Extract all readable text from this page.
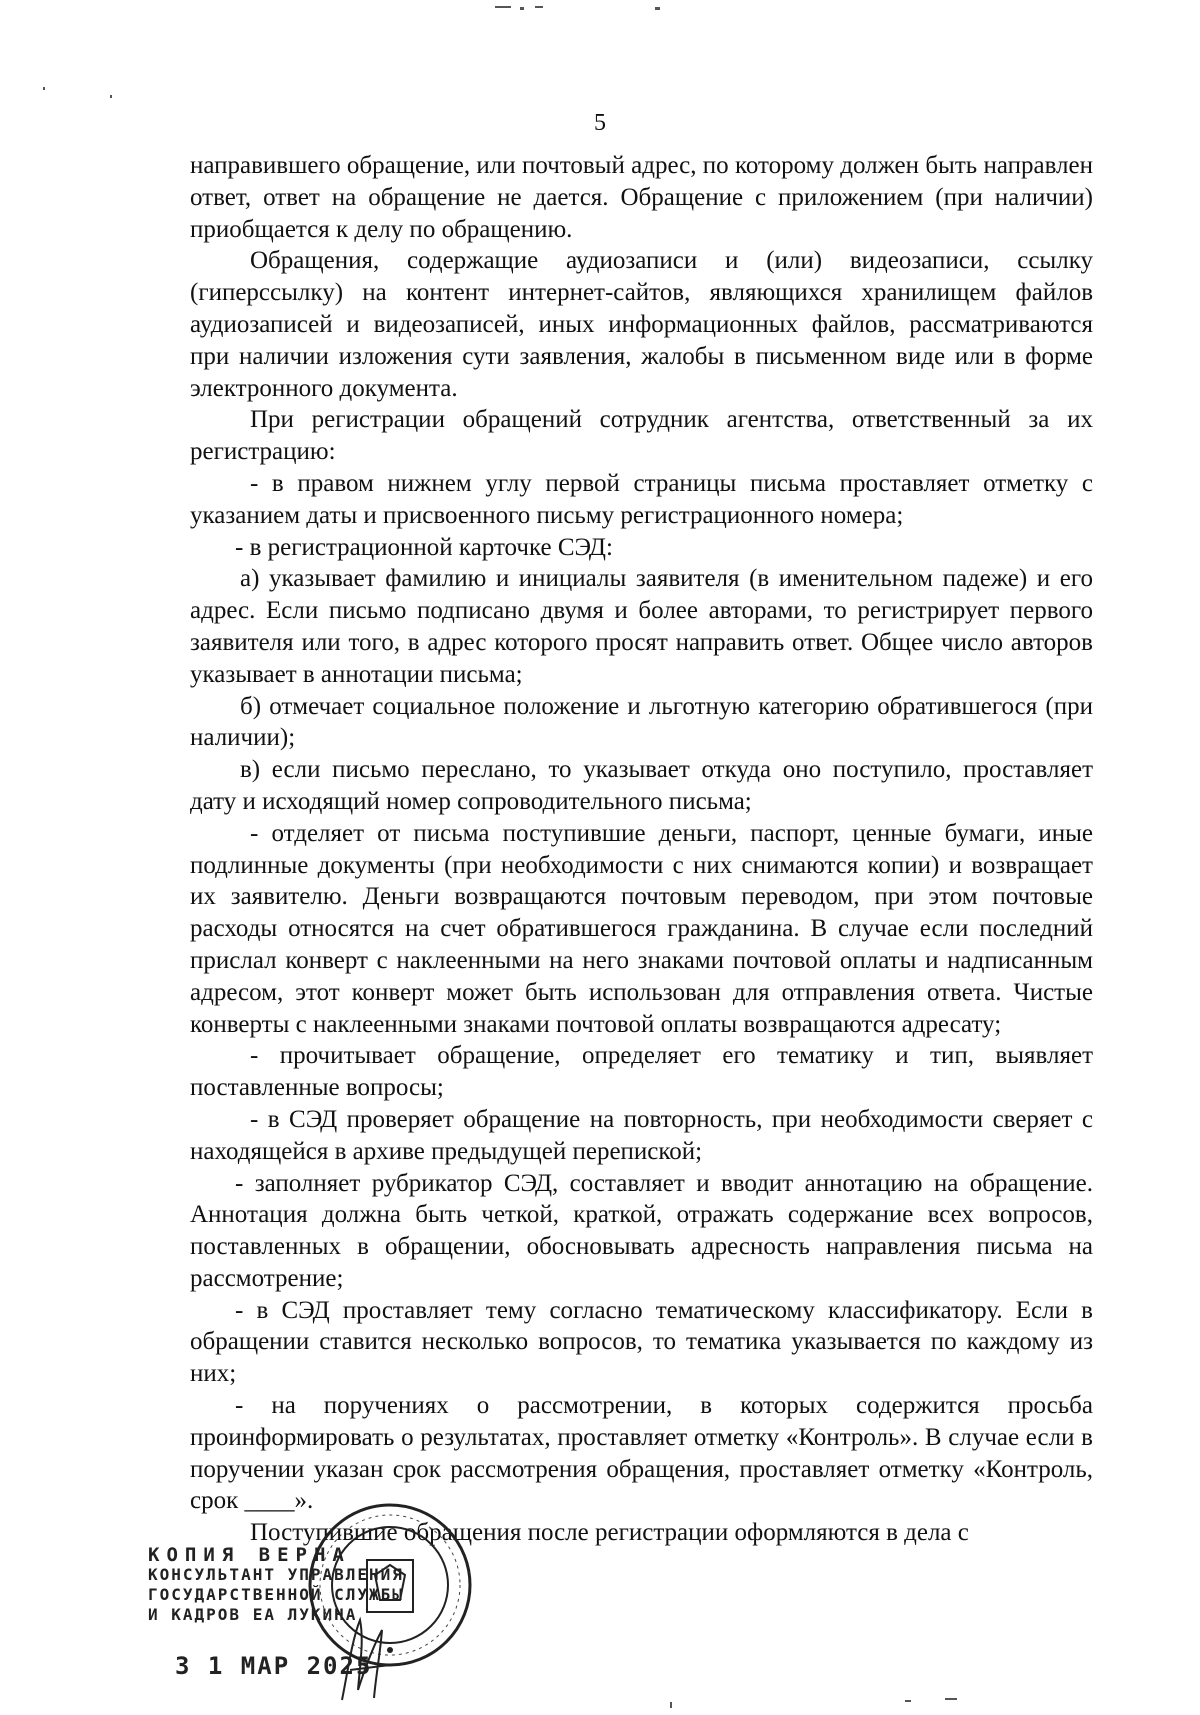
5

направившего обращение, или почтовый адрес, по которому должен быть направлен ответ, ответ на обращение не дается. Обращение с приложением (при наличии) приобщается к делу по обращению.

Обращения, содержащие аудиозаписи и (или) видеозаписи, ссылку (гиперссылку) на контент интернет-сайтов, являющихся хранилищем файлов аудиозаписей и видеозаписей, иных информационных файлов, рассматриваются при наличии изложения сути заявления, жалобы в письменном виде или в форме электронного документа.

При регистрации обращений сотрудник агентства, ответственный за их регистрацию:

- в правом нижнем углу первой страницы письма проставляет отметку с указанием даты и присвоенного письму регистрационного номера;

- в регистрационной карточке СЭД:

а) указывает фамилию и инициалы заявителя (в именительном падеже) и его адрес. Если письмо подписано двумя и более авторами, то регистрирует первого заявителя или того, в адрес которого просят направить ответ. Общее число авторов указывает в аннотации письма;

б) отмечает социальное положение и льготную категорию обратившегося (при наличии);

в) если письмо переслано, то указывает откуда оно поступило, проставляет дату и исходящий номер сопроводительного письма;

- отделяет от письма поступившие деньги, паспорт, ценные бумаги, иные подлинные документы (при необходимости с них снимаются копии) и возвращает их заявителю. Деньги возвращаются почтовым переводом, при этом почтовые расходы относятся на счет обратившегося гражданина. В случае если последний прислал конверт с наклеенными на него знаками почтовой оплаты и надписанным адресом, этот конверт может быть использован для отправления ответа. Чистые конверты с наклеенными знаками почтовой оплаты возвращаются адресату;

- прочитывает обращение, определяет его тематику и тип, выявляет поставленные вопросы;

- в СЭД проверяет обращение на повторность, при необходимости сверяет с находящейся в архиве предыдущей перепиской;

- заполняет рубрикатор СЭД, составляет и вводит аннотацию на обращение. Аннотация должна быть четкой, краткой, отражать содержание всех вопросов, поставленных в обращении, обосновывать адресность направления письма на рассмотрение;

- в СЭД проставляет тему согласно тематическому классификатору. Если в обращении ставится несколько вопросов, то тематика указывается по каждому из них;

- на поручениях о рассмотрении, в которых содержится просьба проинформировать о результатах, проставляет отметку «Контроль». В случае если в поручении указан срок рассмотрения обращения, проставляет отметку «Контроль, срок ____».

Поступившие обращения после регистрации оформляются в дела с

КОПИЯ ВЕРНА
КОНСУЛЬТАНТ УПРАВЛЕНИЯ
ГОСУДАРСТВЕННОЙ СЛУЖБЫ
И КАДРОВ ЕА ЛУКИНА
3 1 МАР 2025
